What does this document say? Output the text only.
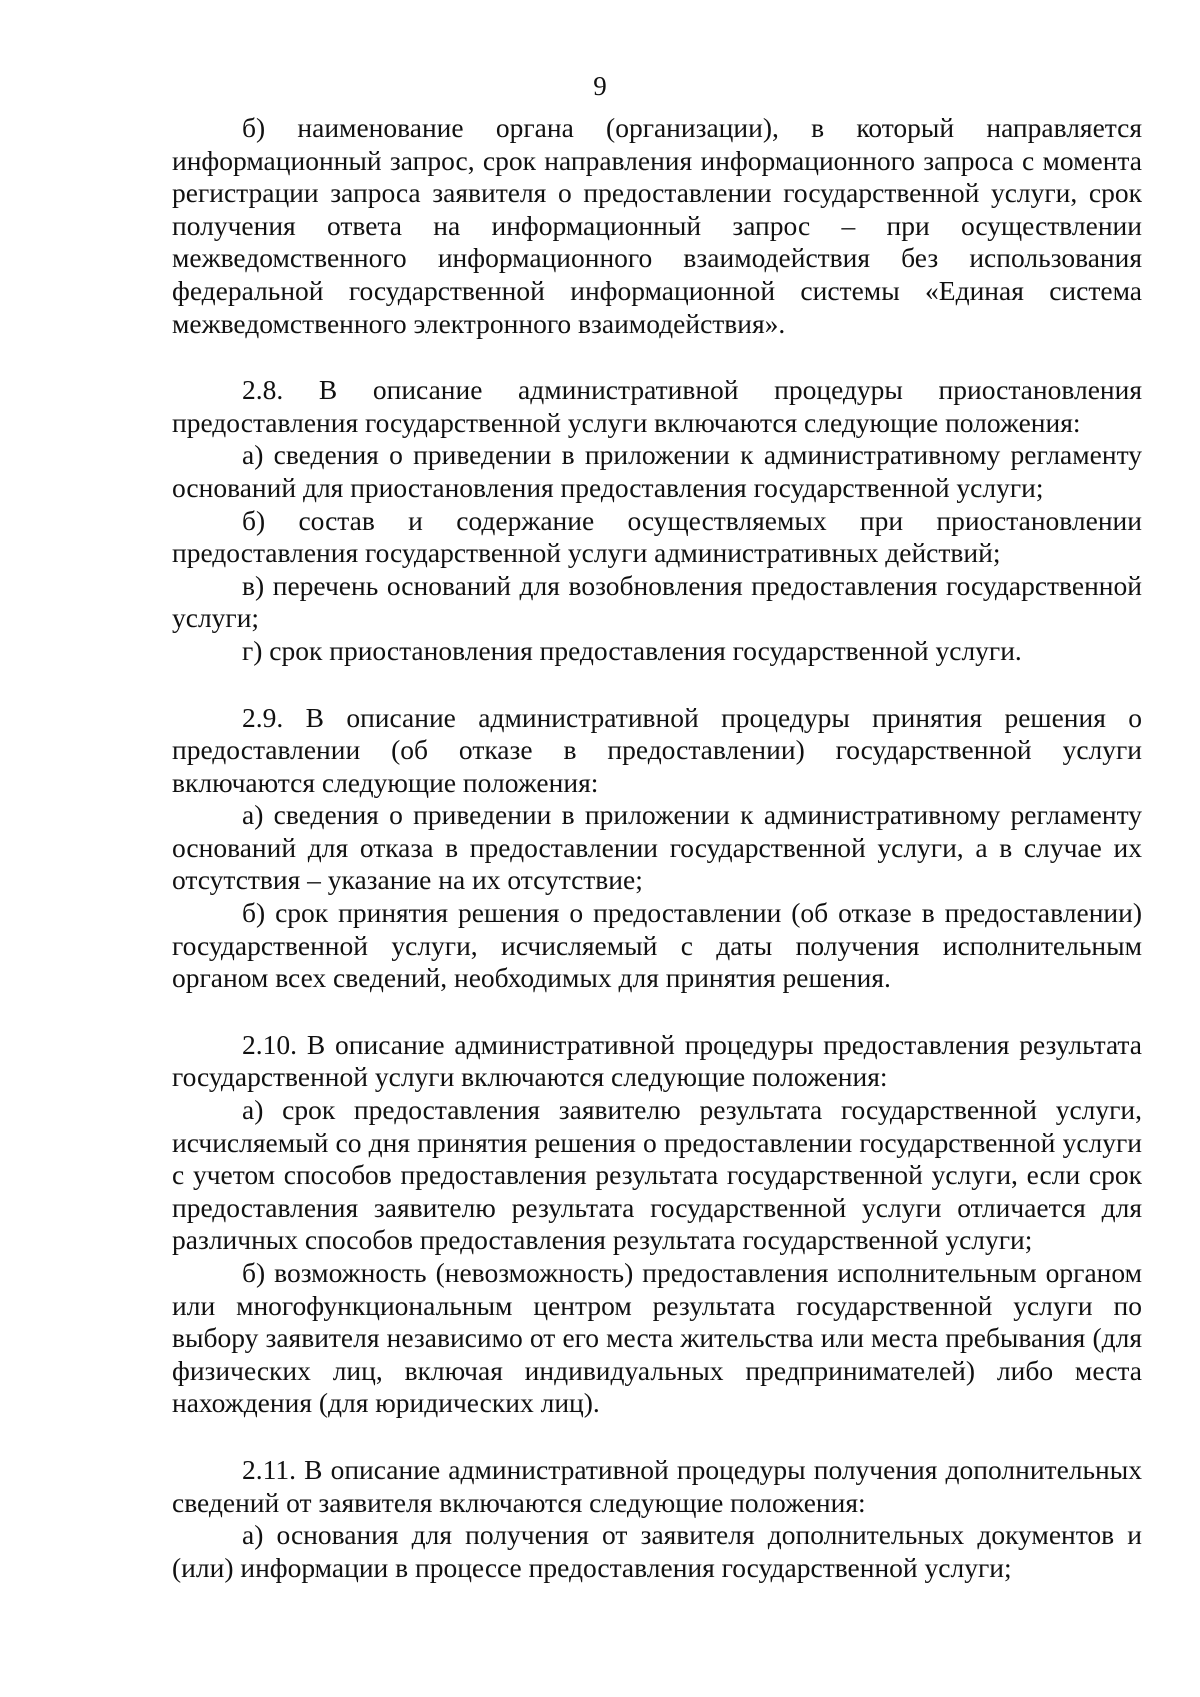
9

б) наименование органа (организации), в который направляется информационный запрос, срок направления информационного запроса с момента регистрации запроса заявителя о предоставлении государственной услуги, срок получения ответа на информационный запрос – при осуществлении межведомственного информационного взаимодействия без использования федеральной государственной информационной системы «Единая система межведомственного электронного взаимодействия».

2.8. В описание административной процедуры приостановления предоставления государственной услуги включаются следующие положения:

а) сведения о приведении в приложении к административному регламенту оснований для приостановления предоставления государственной услуги;

б) состав и содержание осуществляемых при приостановлении предоставления государственной услуги административных действий;

в) перечень оснований для возобновления предоставления государственной услуги;

г) срок приостановления предоставления государственной услуги.

2.9. В описание административной процедуры принятия решения о предоставлении (об отказе в предоставлении) государственной услуги включаются следующие положения:

а) сведения о приведении в приложении к административному регламенту оснований для отказа в предоставлении государственной услуги, а в случае их отсутствия – указание на их отсутствие;

б) срок принятия решения о предоставлении (об отказе в предоставлении) государственной услуги, исчисляемый с даты получения исполнительным органом всех сведений, необходимых для принятия решения.

2.10. В описание административной процедуры предоставления результата государственной услуги включаются следующие положения:

а) срок предоставления заявителю результата государственной услуги, исчисляемый со дня принятия решения о предоставлении государственной услуги с учетом способов предоставления результата государственной услуги, если срок предоставления заявителю результата государственной услуги отличается для различных способов предоставления результата государственной услуги;

б) возможность (невозможность) предоставления исполнительным органом или многофункциональным центром результата государственной услуги по выбору заявителя независимо от его места жительства или места пребывания (для физических лиц, включая индивидуальных предпринимателей) либо места нахождения (для юридических лиц).

2.11. В описание административной процедуры получения дополнительных сведений от заявителя включаются следующие положения:

а) основания для получения от заявителя дополнительных документов и (или) информации в процессе предоставления государственной услуги;
